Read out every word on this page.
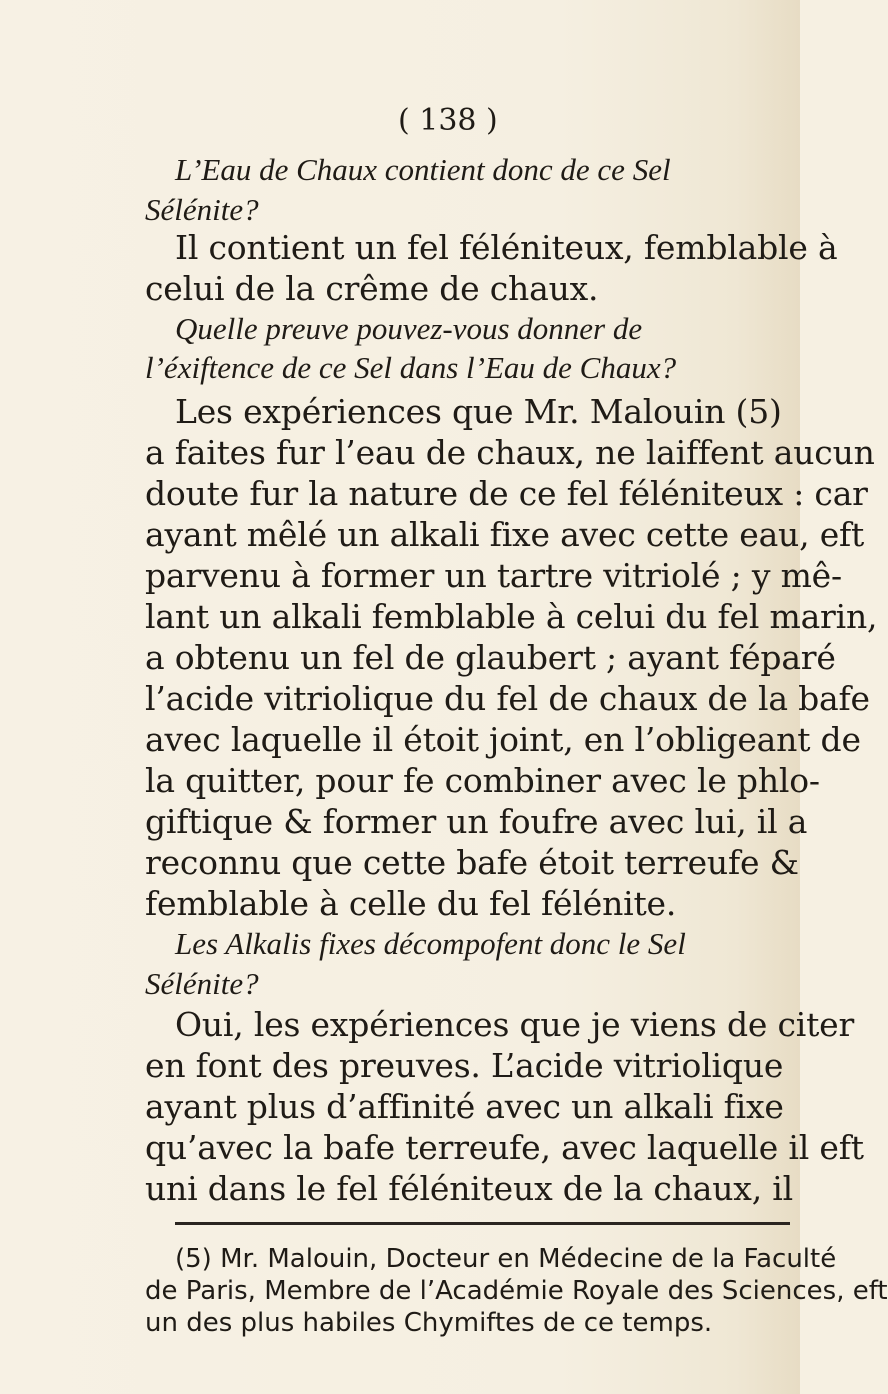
( 138 )
L’Eau de Chaux contient donc de ce Sel
Sélénite?
Il contient un fel féléniteux, femblable à
celui de la crême de chaux.
Quelle preuve pouvez-vous donner de
l’éxiftence de ce Sel dans l’Eau de Chaux?
Les expériences que Mr. Malouin (5)
a faites fur l’eau de chaux, ne laiffent aucun
doute fur la nature de ce fel féléniteux : car
ayant mêlé un alkali fixe avec cette eau, eft
parvenu à former un tartre vitriolé ; y mê-
lant un alkali femblable à celui du fel marin,
a obtenu un fel de glaubert ; ayant féparé
l’acide vitriolique du fel de chaux de la bafe
avec laquelle il étoit joint, en l’obligeant de
la quitter, pour fe combiner avec le phlo-
giftique & former un foufre avec lui, il a
reconnu que cette bafe étoit terreufe &
femblable à celle du fel félénite.
Les Alkalis fixes décompofent donc le Sel
Sélénite?
Oui, les expériences que je viens de citer
en font des preuves. L’acide vitriolique
ayant plus d’affinité avec un alkali fixe
qu’avec la bafe terreufe, avec laquelle il eft
uni dans le fel féléniteux de la chaux, il
(5) Mr. Malouin, Docteur en Médecine de la Faculté
de Paris, Membre de l’Académie Royale des Sciences, eft
un des plus habiles Chymiftes de ce temps.
